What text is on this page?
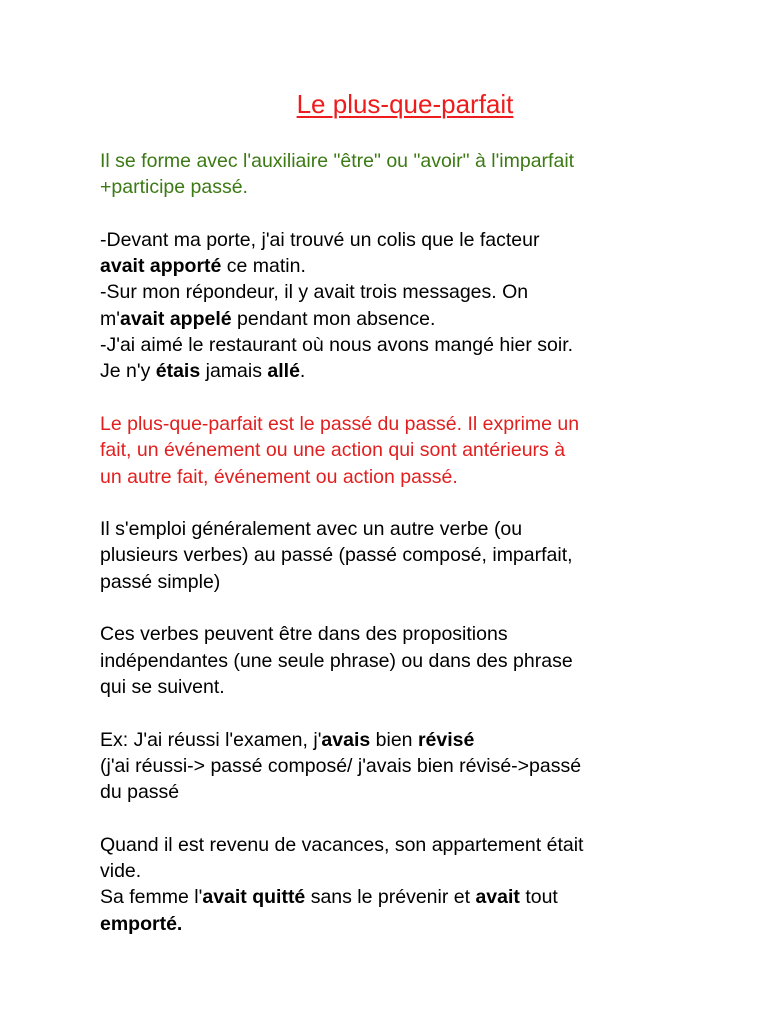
Le plus-que-parfait

Il se forme avec l'auxiliaire "être" ou "avoir" à l'imparfait

+participe passé.

-Devant ma porte, j'ai trouvé un colis que le facteur

avait apporté ce matin.

-Sur mon répondeur, il y avait trois messages. On

m'avait appelé pendant mon absence.

-J'ai aimé le restaurant où nous avons mangé hier soir.

Je n'y étais jamais allé.

Le plus-que-parfait est le passé du passé. Il exprime un

fait, un événement ou une action qui sont antérieurs à

un autre fait, événement ou action passé.

Il s'emploi généralement avec un autre verbe (ou

plusieurs verbes) au passé (passé composé, imparfait,

passé simple)

Ces verbes peuvent être dans des propositions

indépendantes (une seule phrase) ou dans des phrase

qui se suivent.

Ex: J'ai réussi l'examen, j'avais bien révisé

(j'ai réussi-> passé composé/ j'avais bien révisé->passé

du passé

Quand il est revenu de vacances, son appartement était

vide.

Sa femme l'avait quitté sans le prévenir et avait tout

emporté.
